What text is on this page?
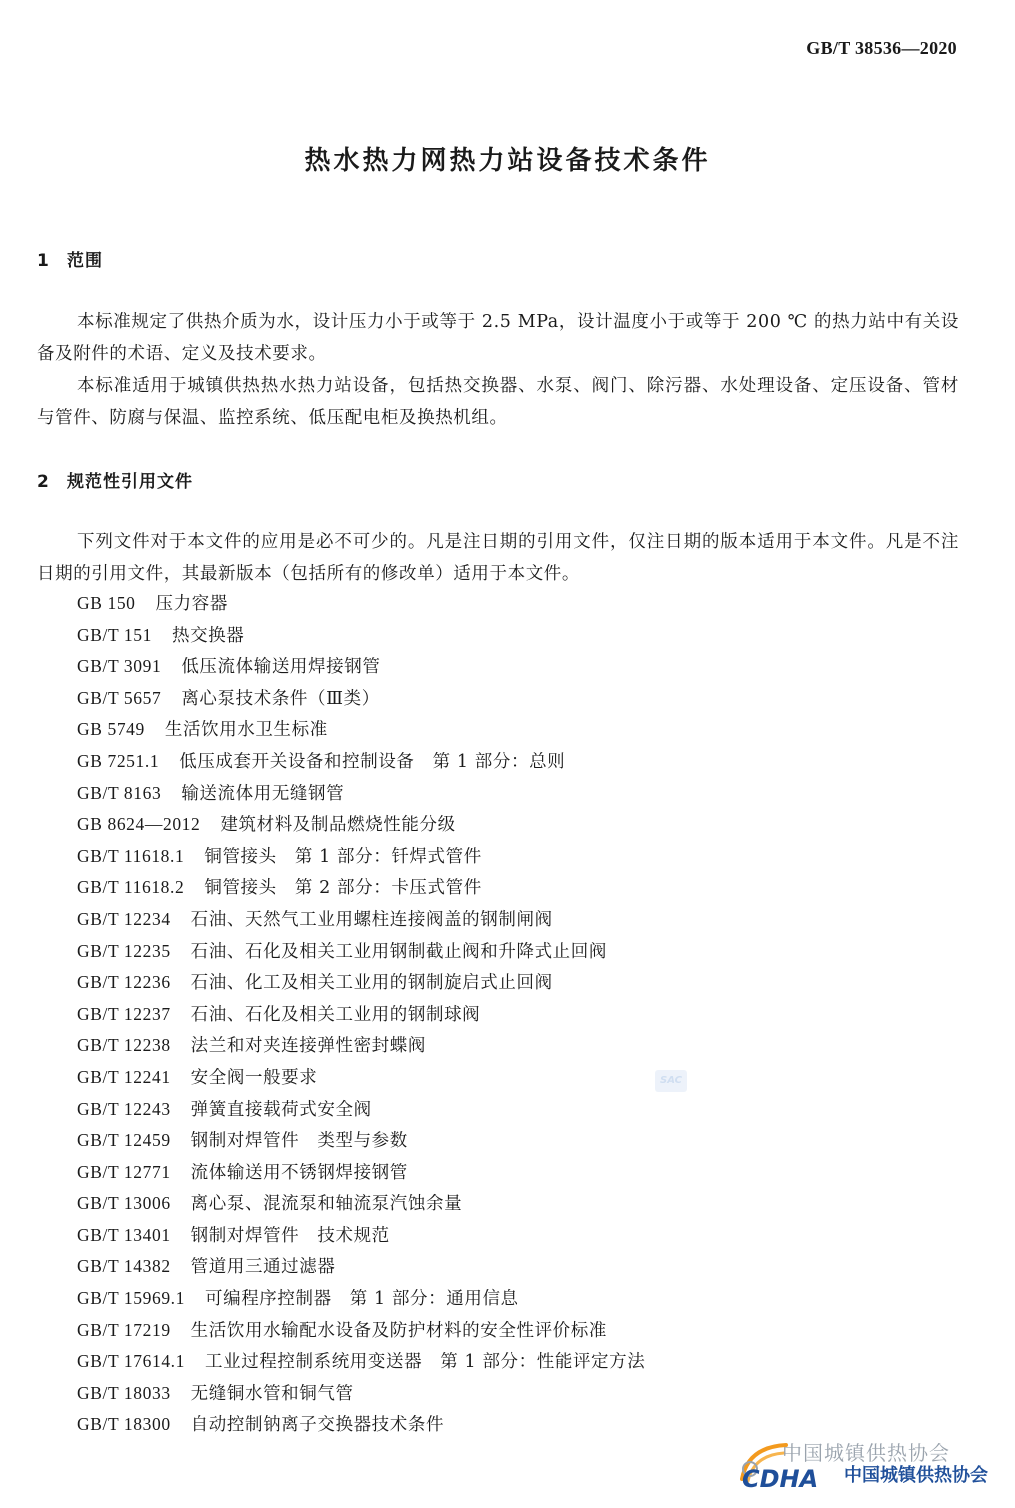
GB/T 38536—2020
热水热力网热力站设备技术条件
1 范围
本标准规定了供热介质为水，设计压力小于或等于 2.5 MPa，设计温度小于或等于 200 ℃ 的热力站中有关设备及附件的术语、定义及技术要求。
本标准适用于城镇供热热水热力站设备，包括热交换器、水泵、阀门、除污器、水处理设备、定压设备、管材与管件、防腐与保温、监控系统、低压配电柜及换热机组。
2 规范性引用文件
下列文件对于本文件的应用是必不可少的。凡是注日期的引用文件，仅注日期的版本适用于本文件。凡是不注日期的引用文件，其最新版本（包括所有的修改单）适用于本文件。
GB 150 压力容器
GB/T 151 热交换器
GB/T 3091 低压流体输送用焊接钢管
GB/T 5657 离心泵技术条件（Ⅲ类）
GB 5749 生活饮用水卫生标准
GB 7251.1 低压成套开关设备和控制设备　第 1 部分：总则
GB/T 8163 输送流体用无缝钢管
GB 8624—2012 建筑材料及制品燃烧性能分级
GB/T 11618.1 铜管接头　第 1 部分：钎焊式管件
GB/T 11618.2 铜管接头　第 2 部分：卡压式管件
GB/T 12234 石油、天然气工业用螺柱连接阀盖的钢制闸阀
GB/T 12235 石油、石化及相关工业用钢制截止阀和升降式止回阀
GB/T 12236 石油、化工及相关工业用的钢制旋启式止回阀
GB/T 12237 石油、石化及相关工业用的钢制球阀
GB/T 12238 法兰和对夹连接弹性密封蝶阀
GB/T 12241 安全阀一般要求
GB/T 12243 弹簧直接载荷式安全阀
GB/T 12459 钢制对焊管件　类型与参数
GB/T 12771 流体输送用不锈钢焊接钢管
GB/T 13006 离心泵、混流泵和轴流泵汽蚀余量
GB/T 13401 钢制对焊管件　技术规范
GB/T 14382 管道用三通过滤器
GB/T 15969.1 可编程序控制器　第 1 部分：通用信息
GB/T 17219 生活饮用水输配水设备及防护材料的安全性评价标准
GB/T 17614.1 工业过程控制系统用变送器　第 1 部分：性能评定方法
GB/T 18033 无缝铜水管和铜气管
GB/T 18300 自动控制钠离子交换器技术条件
SAC
CDHA
中国城镇供热协会
中国城镇供热协会
